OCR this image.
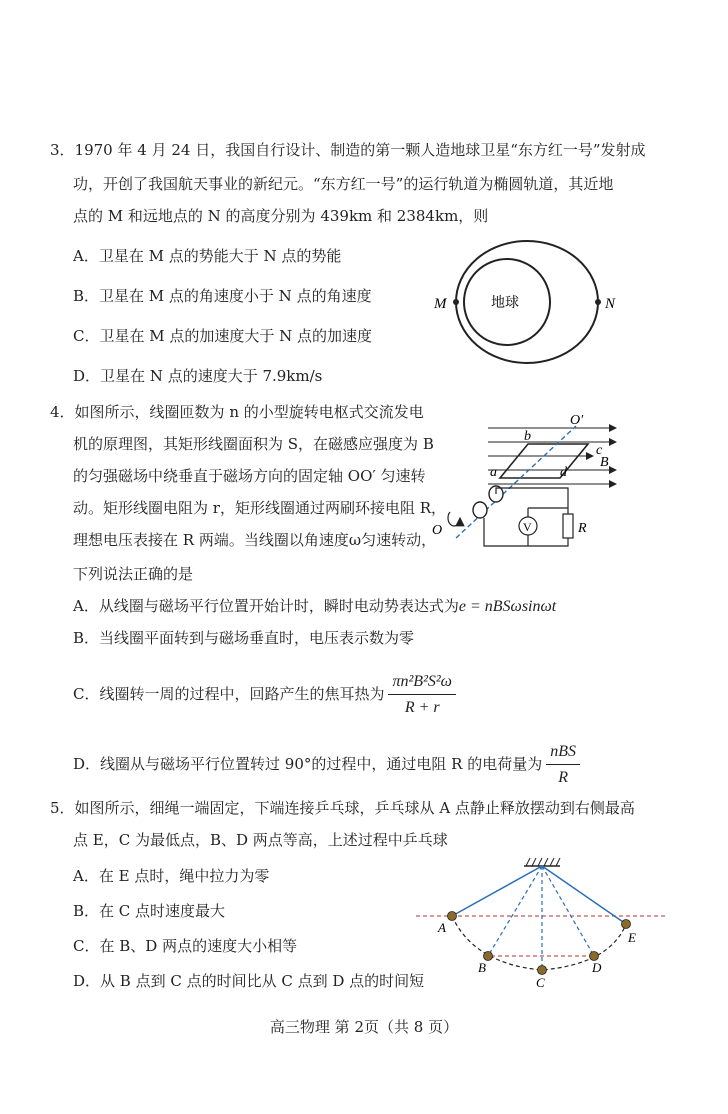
3．1970 年 4 月 24 日，我国自行设计、制造的第一颗人造地球卫星“东方红一号”发射成
功，开创了我国航天事业的新纪元。“东方红一号”的运行轨道为椭圆轨道，其近地
点的 M 和远地点的 N 的高度分别为 439km 和 2384km，则
A．卫星在 M 点的势能大于 N 点的势能
B．卫星在 M 点的角速度小于 N 点的角速度
C．卫星在 M 点的加速度大于 N 点的加速度
D．卫星在 N 点的速度大于 7.9km/s
地球
M	N
4．如图所示，线圈匝数为 n 的小型旋转电枢式交流发电
机的原理图，其矩形线圈面积为 S，在磁感应强度为 B
的匀强磁场中绕垂直于磁场方向的固定轴 OO′ 匀速转
动。矩形线圈电阻为 r，矩形线圈通过两刷环接电阻 R，
理想电压表接在 R 两端。当线圈以角速度ω匀速转动，
下列说法正确的是
A．从线圈与磁场平行位置开始计时，瞬时电动势表达式为e = nBSωsinωt
B．当线圈平面转到与磁场垂直时，电压表示数为零
C．线圈转一周的过程中，回路产生的焦耳热为 $\frac{\text{πn²B²S²ω}}{R + r}$
D．线圈从与磁场平行位置转过 90°的过程中，通过电阻 R 的电荷量为 $\frac{\text{nBS}}{R}$
V	R
O′
O
a
b
c
d
B
5．如图所示，细绳一端固定，下端连接乒乓球，乒乓球从 A 点静止释放摆动到右侧最高
点 E，C 为最低点，B、D 两点等高，上述过程中乒乓球
A．在 E 点时，绳中拉力为零
B．在 C 点时速度最大
C．在 B、D 两点的速度大小相等
D．从 B 点到 C 点的时间比从 C 点到 D 点的时间短
A
B
C
D
E
高三物理 第 2页（共 8 页）
